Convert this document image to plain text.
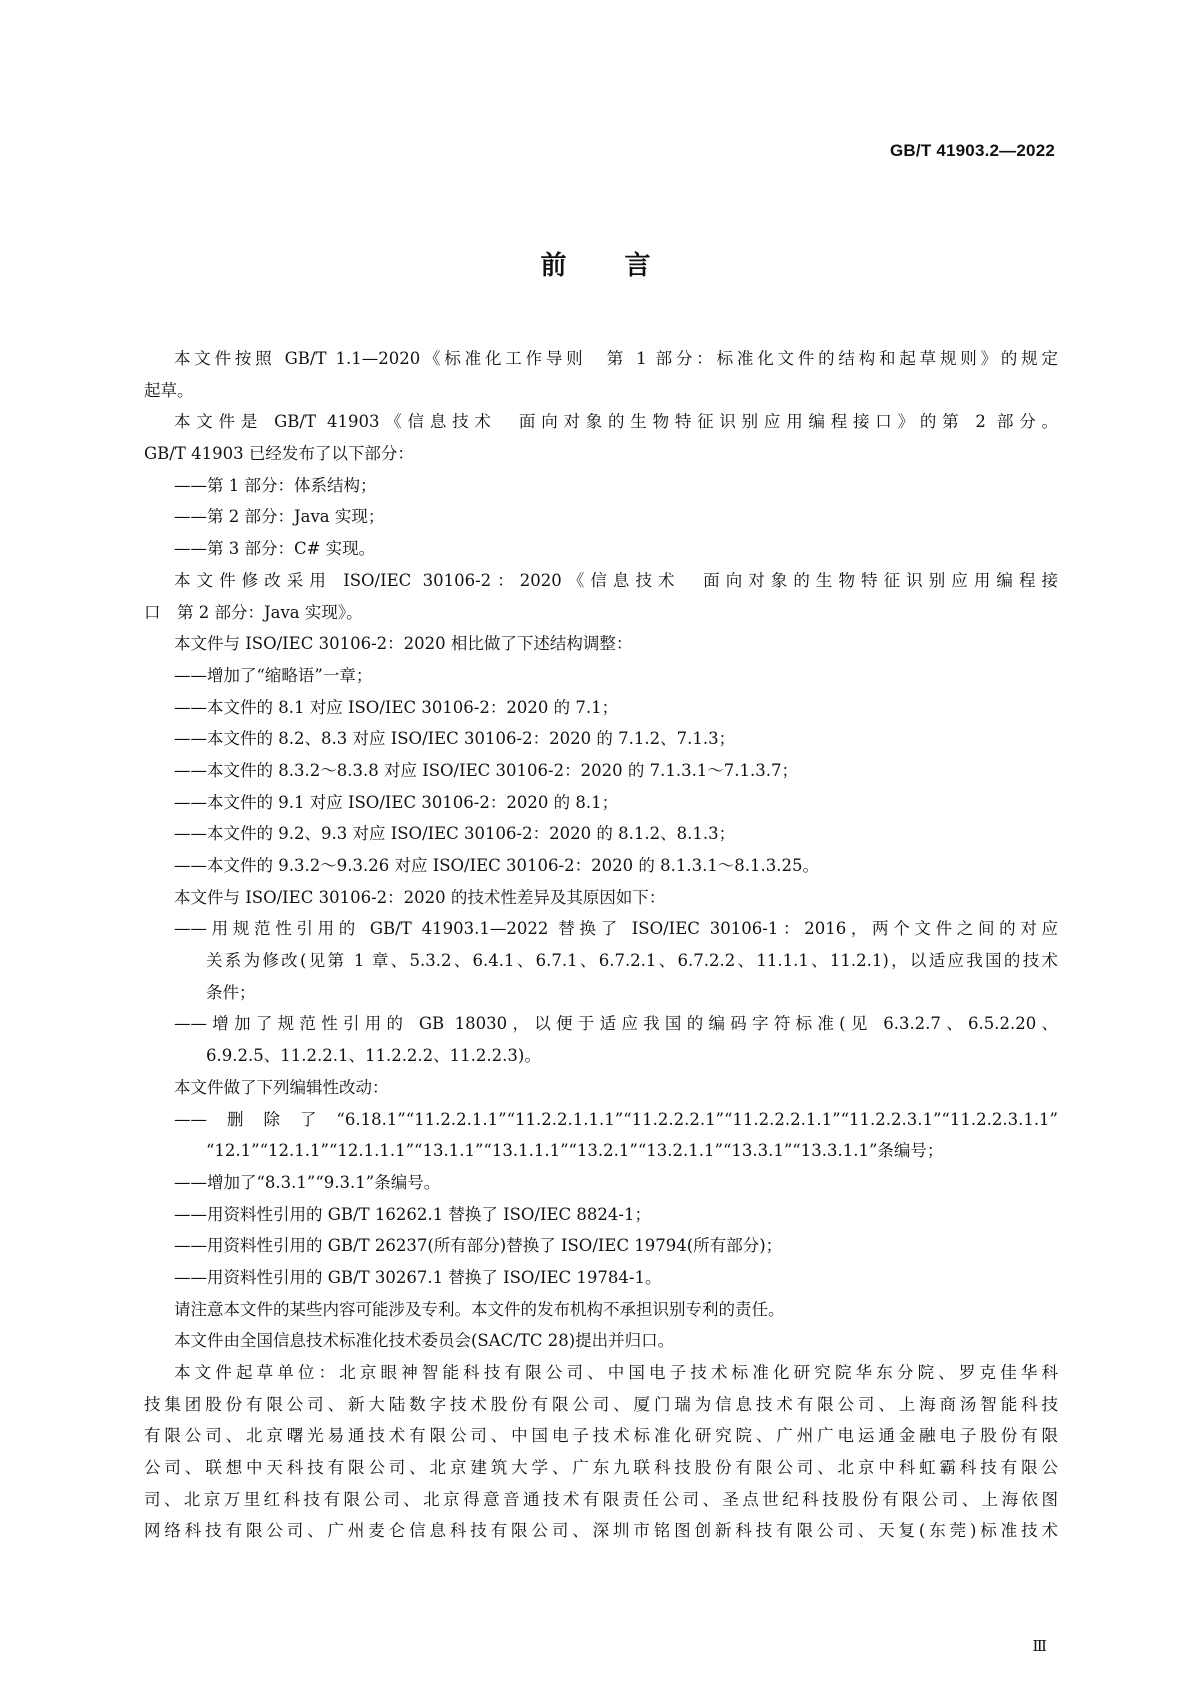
GB/T 41903.2—2022
前 言
本文件按照 GB/T 1.1—2020《标准化工作导则　第 1 部分：标准化文件的结构和起草规则》的规定
起草。
本文件是 GB/T 41903《信息技术　面向对象的生物特征识别应用编程接口》的第 2 部分。
GB/T 41903 已经发布了以下部分：
——第 1 部分：体系结构；
——第 2 部分：Java 实现；
——第 3 部分：C# 实现。
本文件修改采用 ISO/IEC 30106-2：2020《信息技术　面向对象的生物特征识别应用编程接
口　第 2 部分：Java 实现》。
本文件与 ISO/IEC 30106-2：2020 相比做了下述结构调整：
——增加了“缩略语”一章；
——本文件的 8.1 对应 ISO/IEC 30106-2：2020 的 7.1；
——本文件的 8.2、8.3 对应 ISO/IEC 30106-2：2020 的 7.1.2、7.1.3；
——本文件的 8.3.2～8.3.8 对应 ISO/IEC 30106-2：2020 的 7.1.3.1～7.1.3.7；
——本文件的 9.1 对应 ISO/IEC 30106-2：2020 的 8.1；
——本文件的 9.2、9.3 对应 ISO/IEC 30106-2：2020 的 8.1.2、8.1.3；
——本文件的 9.3.2～9.3.26 对应 ISO/IEC 30106-2：2020 的 8.1.3.1～8.1.3.25。
本文件与 ISO/IEC 30106-2：2020 的技术性差异及其原因如下：
——用规范性引用的 GB/T 41903.1—2022 替换了 ISO/IEC 30106-1：2016，两个文件之间的对应
关系为修改(见第 1 章、5.3.2、6.4.1、6.7.1、6.7.2.1、6.7.2.2、11.1.1、11.2.1)，以适应我国的技术
条件；
——增加了规范性引用的 GB 18030，以便于适应我国的编码字符标准(见 6.3.2.7、6.5.2.20、
6.9.2.5、11.2.2.1、11.2.2.2、11.2.2.3)。
本文件做了下列编辑性改动：
——删除了“6.18.1”“11.2.2.1.1”“11.2.2.1.1.1”“11.2.2.2.1”“11.2.2.2.1.1”“11.2.2.3.1”“11.2.2.3.1.1”
“12.1”“12.1.1”“12.1.1.1”“13.1.1”“13.1.1.1”“13.2.1”“13.2.1.1”“13.3.1”“13.3.1.1”条编号；
——增加了“8.3.1”“9.3.1”条编号。
——用资料性引用的 GB/T 16262.1 替换了 ISO/IEC 8824-1；
——用资料性引用的 GB/T 26237(所有部分)替换了 ISO/IEC 19794(所有部分)；
——用资料性引用的 GB/T 30267.1 替换了 ISO/IEC 19784-1。
请注意本文件的某些内容可能涉及专利。本文件的发布机构不承担识别专利的责任。
本文件由全国信息技术标准化技术委员会(SAC/TC 28)提出并归口。
本文件起草单位：北京眼神智能科技有限公司、中国电子技术标准化研究院华东分院、罗克佳华科
技集团股份有限公司、新大陆数字技术股份有限公司、厦门瑞为信息技术有限公司、上海商汤智能科技
有限公司、北京曙光易通技术有限公司、中国电子技术标准化研究院、广州广电运通金融电子股份有限
公司、联想中天科技有限公司、北京建筑大学、广东九联科技股份有限公司、北京中科虹霸科技有限公
司、北京万里红科技有限公司、北京得意音通技术有限责任公司、圣点世纪科技股份有限公司、上海依图
网络科技有限公司、广州麦仑信息科技有限公司、深圳市铭图创新科技有限公司、天复(东莞)标准技术
Ⅲ
